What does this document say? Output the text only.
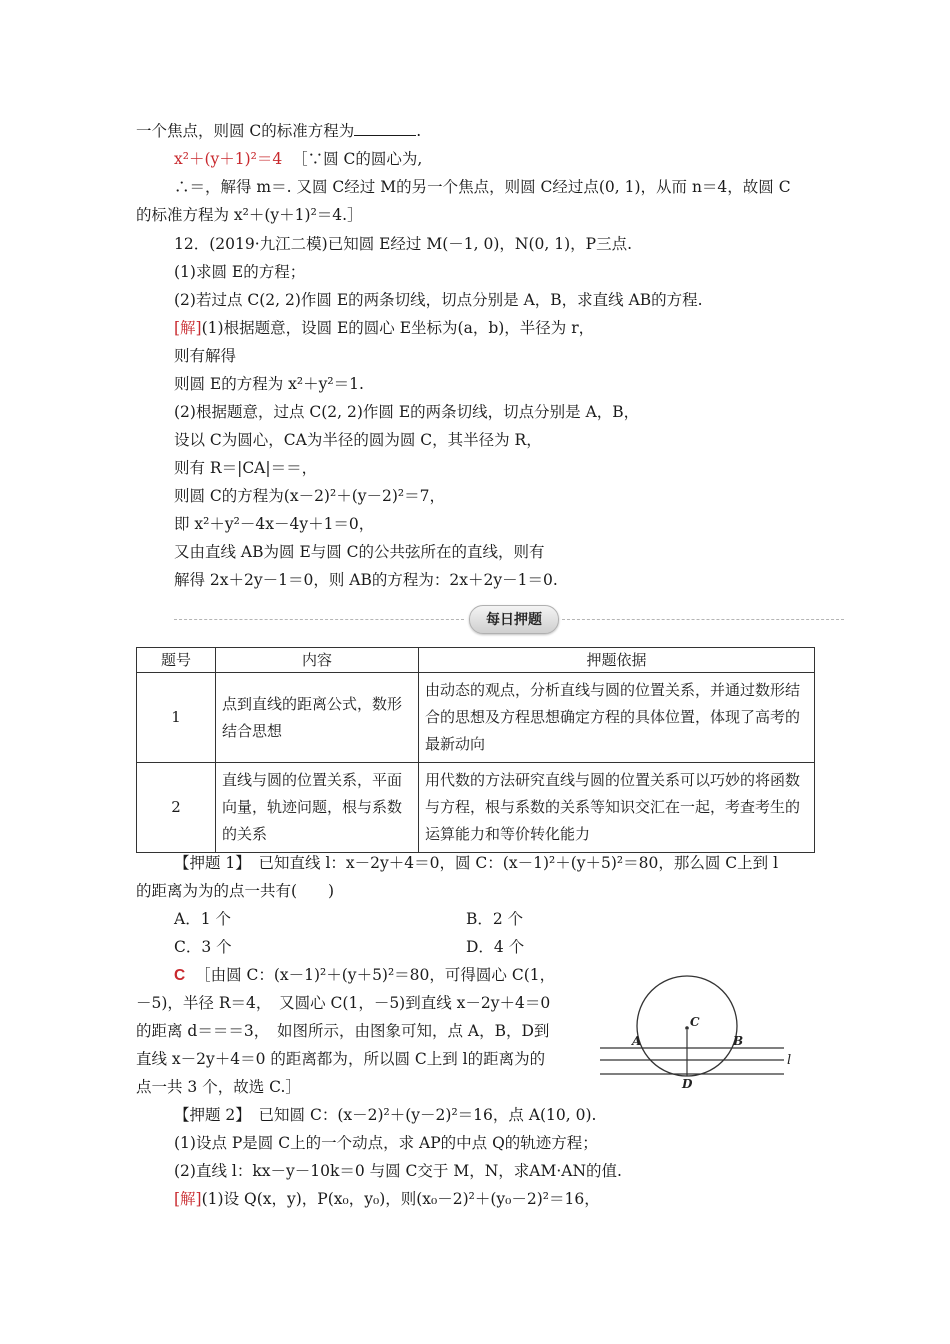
一个焦点，则圆 C的标准方程为	.
x²＋(y＋1)²＝4 ［∵圆 C的圆心为,
∴＝，解得 m＝. 又圆 C经过 M的另一个焦点，则圆 C经过点(0, 1)，从而 n＝4，故圆 C
的标准方程为 x²＋(y＋1)²＝4.］
12．(2019·九江二模)已知圆 E经过 M(－1, 0)，N(0, 1)，P三点.
(1)求圆 E的方程；
(2)若过点 C(2, 2)作圆 E的两条切线，切点分别是 A，B，求直线 AB的方程.
[解](1)根据题意，设圆 E的圆心 E坐标为(a，b)，半径为 r，
则有解得
则圆 E的方程为 x²＋y²＝1.
(2)根据题意，过点 C(2, 2)作圆 E的两条切线，切点分别是 A，B，
设以 C为圆心，CA为半径的圆为圆 C，其半径为 R，
则有 R＝|CA|＝＝，
则圆 C的方程为(x－2)²＋(y－2)²＝7，
即 x²＋y²－4x－4y＋1＝0，
又由直线 AB为圆 E与圆 C的公共弦所在的直线，则有
解得 2x＋2y－1＝0，则 AB的方程为：2x＋2y－1＝0.
每日押题
题号	内容	押题依据
1	点到直线的距离公式，数形结合思想	由动态的观点，分析直线与圆的位置关系，并通过数形结合的思想及方程思想确定方程的具体位置，体现了高考的最新动向
2	直线与圆的位置关系，平面向量，轨迹问题，根与系数的关系	用代数的方法研究直线与圆的位置关系可以巧妙的将函数与方程，根与系数的关系等知识交汇在一起，考查考生的运算能力和等价转化能力
【押题 1】　已知直线 l：x－2y＋4＝0，圆 C：(x－1)²＋(y＋5)²＝80，那么圆 C上到 l
的距离为为的点一共有(　　)
A．1 个	B．2 个
C．3 个	D．4 个
C ［由圆 C：(x－1)²＋(y＋5)²＝80，可得圆心 C(1，
－5)，半径 R＝4，　又圆心 C(1，－5)到直线 x－2y＋4＝0
的距离 d＝＝＝3，　如图所示，由图象可知，点 A，B，D到
直线 x－2y＋4＝0 的距离都为，所以圆 C上到 l的距离为的
点一共 3 个，故选 C.］
C
A	B
D
l
【押题 2】　已知圆 C：(x－2)²＋(y－2)²＝16，点 A(10, 0).
(1)设点 P是圆 C上的一个动点，求 AP的中点 Q的轨迹方程；
(2)直线 l：kx－y－10k＝0 与圆 C交于 M，N，求AM·AN的值.
[解](1)设 Q(x，y)，P(x₀，y₀)，则(x₀－2)²＋(y₀－2)²＝16，
